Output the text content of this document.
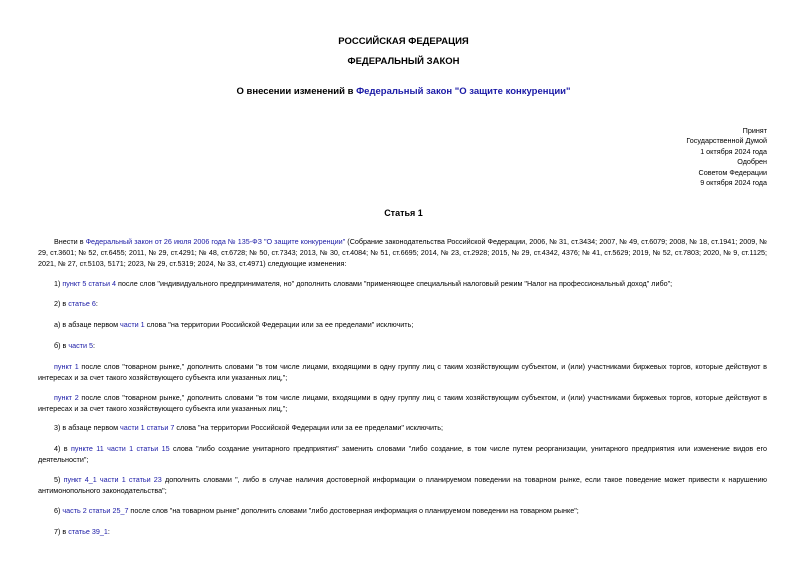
РОССИЙСКАЯ ФЕДЕРАЦИЯ
ФЕДЕРАЛЬНЫЙ ЗАКОН
О внесении изменений в Федеральный закон "О защите конкуренции"
Принят
Государственной Думой
1 октября 2024 года
Одобрен
Советом Федерации
9 октября 2024 года
Статья 1
Внести в Федеральный закон от 26 июля 2006 года № 135-ФЗ "О защите конкуренции" (Собрание законодательства Российской Федерации, 2006, № 31, ст.3434; 2007, № 49, ст.6079; 2008, № 18, ст.1941; 2009, № 29, ст.3601; № 52, ст.6455; 2011, № 29, ст.4291; № 48, ст.6728; № 50, ст.7343; 2013, № 30, ст.4084; № 51, ст.6695; 2014, № 23, ст.2928; 2015, № 29, ст.4342, 4376; № 41, ст.5629; 2019, № 52, ст.7803; 2020, № 9, ст.1125; 2021, № 27, ст.5103, 5171; 2023, № 29, ст.5319; 2024, № 33, ст.4971) следующие изменения:
1) пункт 5 статьи 4 после слов "индивидуального предпринимателя, но" дополнить словами "применяющее специальный налоговый режим "Налог на профессиональный доход" либо";
2) в статье 6:
а) в абзаце первом части 1 слова "на территории Российской Федерации или за ее пределами" исключить;
б) в части 5:
пункт 1 после слов "товарном рынке," дополнить словами "в том числе лицами, входящими в одну группу лиц с таким хозяйствующим субъектом, и (или) участниками биржевых торгов, которые действуют в интересах и за счет такого хозяйствующего субъекта или указанных лиц,";
пункт 2 после слов "товарном рынке," дополнить словами "в том числе лицами, входящими в одну группу лиц с таким хозяйствующим субъектом, и (или) участниками биржевых торгов, которые действуют в интересах и за счет такого хозяйствующего субъекта или указанных лиц,";
3) в абзаце первом части 1 статьи 7 слова "на территории Российской Федерации или за ее пределами" исключить;
4) в пункте 11 части 1 статьи 15 слова "либо создание унитарного предприятия" заменить словами "либо создание, в том числе путем реорганизации, унитарного предприятия или изменение видов его деятельности";
5) пункт 4_1 части 1 статьи 23 дополнить словами ", либо в случае наличия достоверной информации о планируемом поведении на товарном рынке, если такое поведение может привести к нарушению антимонопольного законодательства";
6) часть 2 статьи 25_7 после слов "на товарном рынке" дополнить словами "либо достоверная информация о планируемом поведении на товарном рынке";
7) в статье 39_1:
